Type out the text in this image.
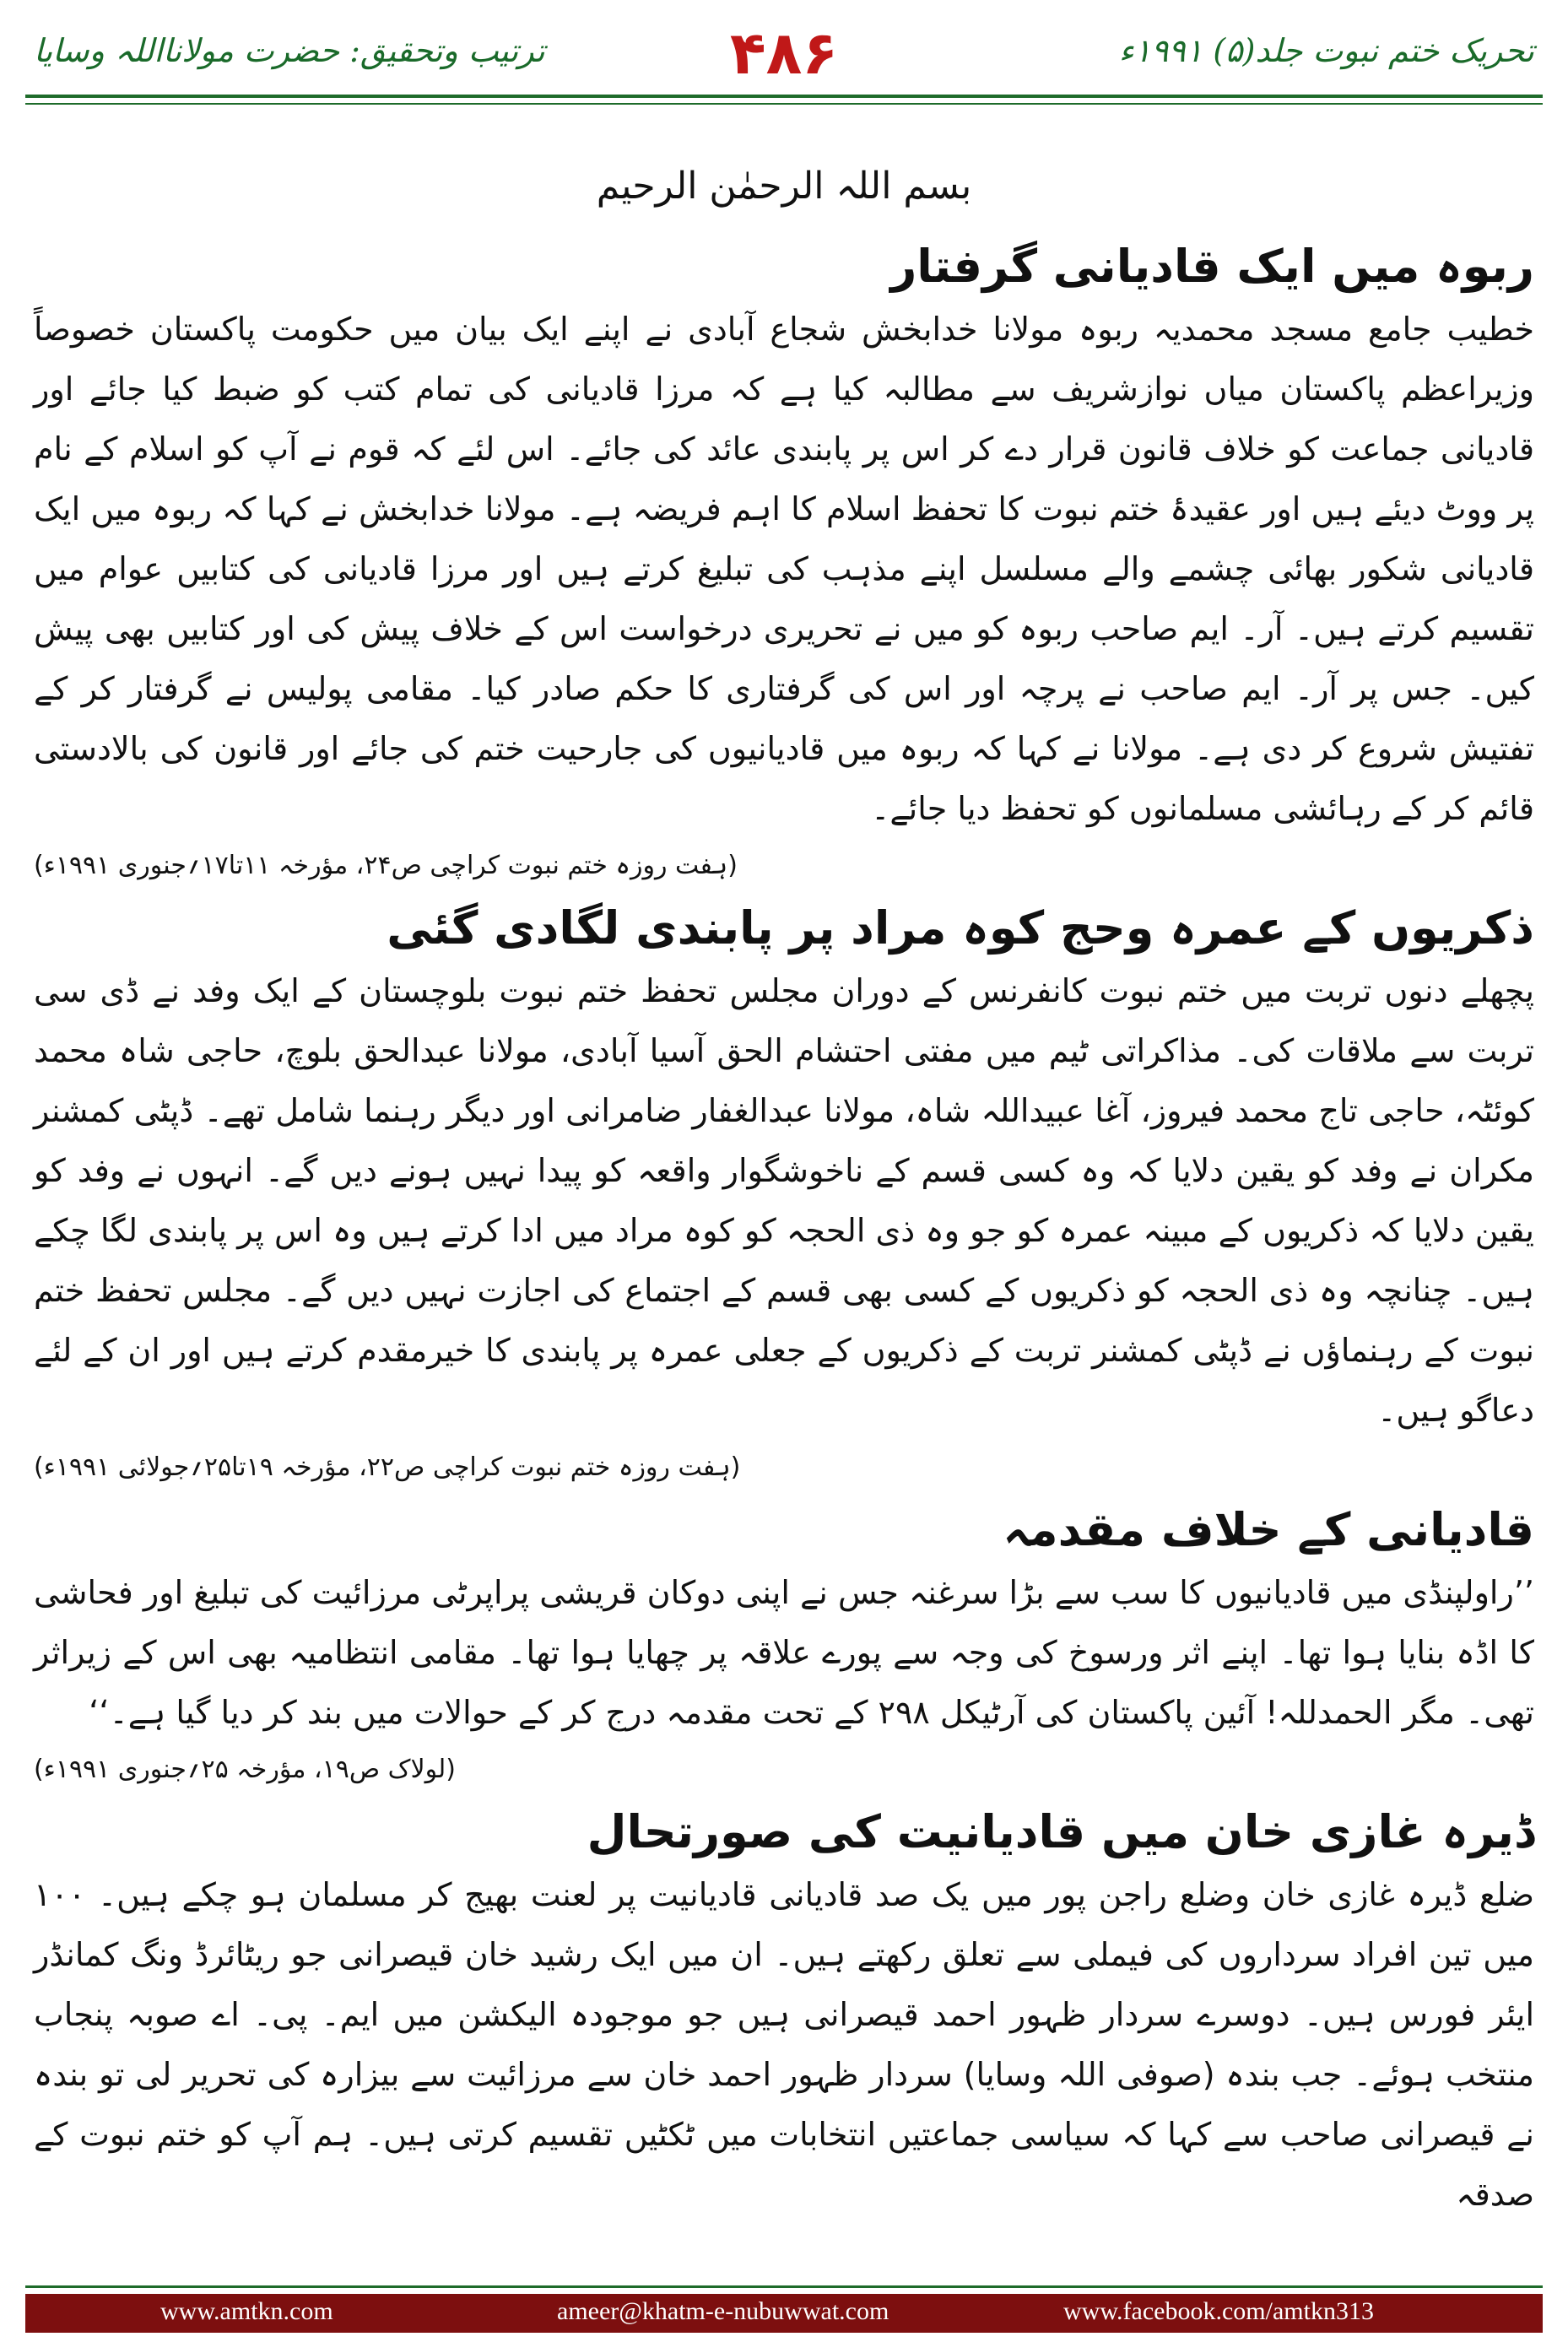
تحریک ختم نبوت جلد(۵) ۱۹۹۱ء
۴۸۶
ترتیب وتحقیق: حضرت مولانااللہ وسایا
بسم اللہ الرحمٰن الرحیم
ربوہ میں ایک قادیانی گرفتار

خطیب جامع مسجد محمدیہ ربوہ مولانا خدابخش شجاع آبادی نے اپنے ایک بیان میں حکومت پاکستان خصوصاً وزیراعظم پاکستان میاں نوازشریف سے مطالبہ کیا ہے کہ مرزا قادیانی کی تمام کتب کو ضبط کیا جائے اور قادیانی جماعت کو خلاف قانون قرار دے کر اس پر پابندی عائد کی جائے۔ اس لئے کہ قوم نے آپ کو اسلام کے نام پر ووٹ دیئے ہیں اور عقیدۂ ختم نبوت کا تحفظ اسلام کا اہم فریضہ ہے۔ مولانا خدابخش نے کہا کہ ربوہ میں ایک قادیانی شکور بھائی چشمے والے مسلسل اپنے مذہب کی تبلیغ کرتے ہیں اور مرزا قادیانی کی کتابیں عوام میں تقسیم کرتے ہیں۔ آر۔ ایم صاحب ربوہ کو میں نے تحریری درخواست اس کے خلاف پیش کی اور کتابیں بھی پیش کیں۔ جس پر آر۔ ایم صاحب نے پرچہ اور اس کی گرفتاری کا حکم صادر کیا۔ مقامی پولیس نے گرفتار کر کے تفتیش شروع کر دی ہے۔ مولانا نے کہا کہ ربوہ میں قادیانیوں کی جارحیت ختم کی جائے اور قانون کی بالادستی قائم کر کے رہائشی مسلمانوں کو تحفظ دیا جائے۔

(ہفت روزہ ختم نبوت کراچی ص۲۴، مؤرخہ ۱۱تا۱۷؍جنوری ۱۹۹۱ء)
ذکریوں کے عمرہ وحج کوہ مراد پر پابندی لگادی گئی

پچھلے دنوں تربت میں ختم نبوت کانفرنس کے دوران مجلس تحفظ ختم نبوت بلوچستان کے ایک وفد نے ڈی سی تربت سے ملاقات کی۔ مذاکراتی ٹیم میں مفتی احتشام الحق آسیا آبادی، مولانا عبدالحق بلوچ، حاجی شاہ محمد کوئٹہ، حاجی تاج محمد فیروز، آغا عبیداللہ شاہ، مولانا عبدالغفار ضامرانی اور دیگر رہنما شامل تھے۔ ڈپٹی کمشنر مکران نے وفد کو یقین دلایا کہ وہ کسی قسم کے ناخوشگوار واقعہ کو پیدا نہیں ہونے دیں گے۔ انہوں نے وفد کو یقین دلایا کہ ذکریوں کے مبینہ عمرہ کو جو وہ ذی الحجہ کو کوہ مراد میں ادا کرتے ہیں وہ اس پر پابندی لگا چکے ہیں۔ چنانچہ وہ ذی الحجہ کو ذکریوں کے کسی بھی قسم کے اجتماع کی اجازت نہیں دیں گے۔ مجلس تحفظ ختم نبوت کے رہنماؤں نے ڈپٹی کمشنر تربت کے ذکریوں کے جعلی عمرہ پر پابندی کا خیرمقدم کرتے ہیں اور ان کے لئے دعاگو ہیں۔

(ہفت روزہ ختم نبوت کراچی ص۲۲، مؤرخہ ۱۹تا۲۵؍جولائی ۱۹۹۱ء)
قادیانی کے خلاف مقدمہ

’’راولپنڈی میں قادیانیوں کا سب سے بڑا سرغنہ جس نے اپنی دوکان قریشی پراپرٹی مرزائیت کی تبلیغ اور فحاشی کا اڈہ بنایا ہوا تھا۔ اپنے اثر ورسوخ کی وجہ سے پورے علاقہ پر چھایا ہوا تھا۔ مقامی انتظامیہ بھی اس کے زیراثر تھی۔ مگر الحمدللہ! آئین پاکستان کی آرٹیکل ۲۹۸ کے تحت مقدمہ درج کر کے حوالات میں بند کر دیا گیا ہے۔‘‘

(لولاک ص۱۹، مؤرخہ ۲۵؍جنوری ۱۹۹۱ء)
ڈیرہ غازی خان میں قادیانیت کی صورتحال

ضلع ڈیرہ غازی خان وضلع راجن پور میں یک صد قادیانی قادیانیت پر لعنت بھیج کر مسلمان ہو چکے ہیں۔ ۱۰۰ میں تین افراد سرداروں کی فیملی سے تعلق رکھتے ہیں۔ ان میں ایک رشید خان قیصرانی جو ریٹائرڈ ونگ کمانڈر ایئر فورس ہیں۔ دوسرے سردار ظہور احمد قیصرانی ہیں جو موجودہ الیکشن میں ایم۔ پی۔ اے صوبہ پنجاب منتخب ہوئے۔ جب بندہ (صوفی اللہ وسایا) سردار ظہور احمد خان سے مرزائیت سے بیزارہ کی تحریر لی تو بندہ نے قیصرانی صاحب سے کہا کہ سیاسی جماعتیں انتخابات میں ٹکٹیں تقسیم کرتی ہیں۔ ہم آپ کو ختم نبوت کے صدقہ

www.amtkn.com	ameer@khatm-e-nubuwwat.com	www.facebook.com/amtkn313
